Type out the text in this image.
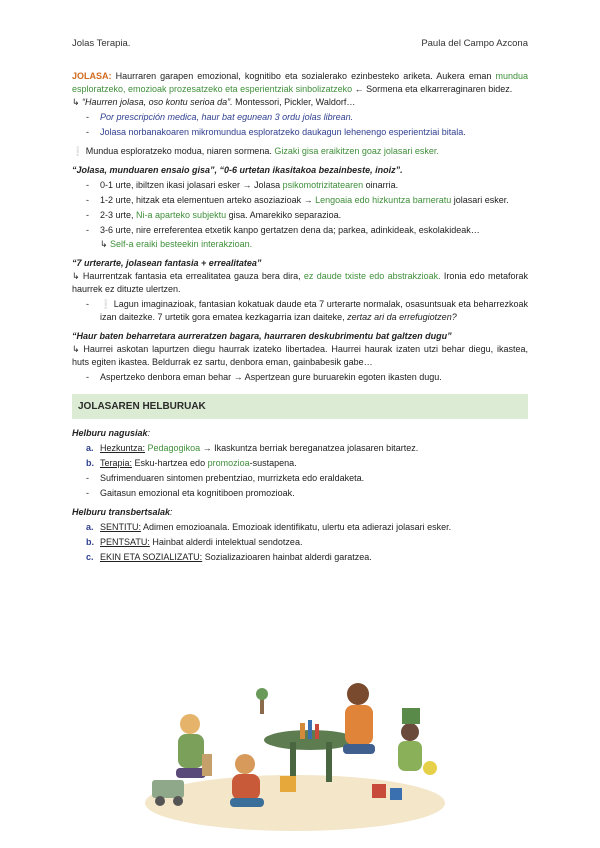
Jolas Terapia.	Paula del Campo Azcona

JOLASA: Haurraren garapen emozional, kognitibo eta sozialerako ezinbesteko ariketa. Aukera eman mundua esploratzeko, emozioak prozesatzeko eta esperientziak sinbolizatzeko ← Sormena eta elkarreraginaren bidez.

↳ “Haurren jolasa, oso kontu serioa da”. Montessori, Pickler, Waldorf…

-	Por prescripción medica, haur bat egunean 3 ordu jolas librean.
-	Jolasa norbanakoaren mikromundua esploratzeko daukagun lehenengo esperientziai bitala.

❕ Mundua esploratzeko modua, niaren sormena. Gizaki gisa eraikitzen goaz jolasari esker.

“Jolasa, munduaren ensaio gisa”, “0-6 urtetan ikasitakoa bezainbeste, inoiz”.

-	0-1 urte, ibiltzen ikasi jolasari esker → Jolasa psikomotrizitatearen oinarria.
-	1-2 urte, hitzak eta elementuen arteko asoziazioak → Lengoaia edo hizkuntza barneratu jolasari esker.
-	2-3 urte, Ni-a aparteko subjektu gisa. Amarekiko separazioa.
-	3-6 urte, nire erreferentea etxetik kanpo gertatzen dena da; parkea, adinkideak, eskolakideak…

↳ Self-a eraiki besteekin interakzioan.

“7 urterarte, jolasean fantasia + errealitatea”

↳ Haurrentzak fantasia eta errealitatea gauza bera dira, ez daude txiste edo abstrakzioak. Ironia edo metaforak haurrek ez dituzte ulertzen.

-	❕ Lagun imaginazioak, fantasian kokatuak daude eta 7 urterarte normalak, osasuntsuak eta beharrezkoak izan daitezke. 7 urtetik gora ematea kezkagarria izan daiteke, zertaz ari da errefugiotzen?

“Haur baten beharretara aurreratzen bagara, haurraren deskubrimentu bat galtzen dugu”

↳ Haurrei askotan lapurtzen diegu haurrak izateko libertadea. Haurrei haurak izaten utzi behar diegu, ikastea, huts egiten ikastea. Beldurrak ez sartu, denbora eman, gainbabesik gabe…

-	Aspertzeko denbora eman behar → Aspertzean gure buruarekin egoten ikasten dugu.
JOLASAREN HELBURUAK

Helburu nagusiak:

a. Hezkuntza: Pedagogikoa → Ikaskuntza berriak bereganatzea jolasaren bitartez.
b. Terapia: Esku-hartzea edo promozioa-sustapena.
-	Sufrimenduaren sintomen prebentziao, murrizketa edo eraldaketa.
-	Gaitasun emozional eta kognitiboen promozioak.

Helburu transbertsalak:

a. SENTITU: Adimen emozioanala. Emozioak identifikatu, ulertu eta adierazi jolasari esker.
b. PENTSATU: Hainbat alderdi intelektual sendotzea.
c. EKIN ETA SOZIALIZATU: Sozializazioaren hainbat alderdi garatzea.
